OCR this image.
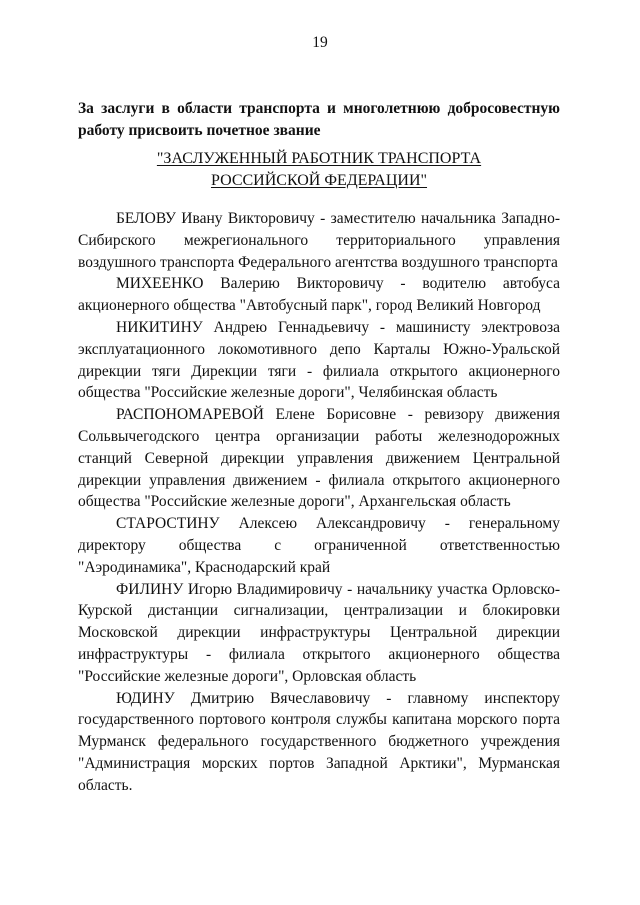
19

За заслуги в области транспорта и многолетнюю добросовестную работу присвоить почетное звание

"ЗАСЛУЖЕННЫЙ РАБОТНИК ТРАНСПОРТА
РОССИЙСКОЙ ФЕДЕРАЦИИ"

БЕЛОВУ Ивану Викторовичу - заместителю начальника Западно-Сибирского межрегионального территориального управления воздушного транспорта Федерального агентства воздушного транспорта

МИХЕЕНКО Валерию Викторовичу - водителю автобуса акционерного общества "Автобусный парк", город Великий Новгород

НИКИТИНУ Андрею Геннадьевичу - машинисту электровоза эксплуатационного локомотивного депо Карталы Южно-Уральской дирекции тяги Дирекции тяги - филиала открытого акционерного общества "Российские железные дороги", Челябинская область

РАСПОНОМАРЕВОЙ Елене Борисовне - ревизору движения Сольвычегодского центра организации работы железнодорожных станций Северной дирекции управления движением Центральной дирекции управления движением - филиала открытого акционерного общества "Российские железные дороги", Архангельская область

СТАРОСТИНУ Алексею Александровичу - генеральному директору общества с ограниченной ответственностью "Аэродинамика", Краснодарский край

ФИЛИНУ Игорю Владимировичу - начальнику участка Орловско-Курской дистанции сигнализации, централизации и блокировки Московской дирекции инфраструктуры Центральной дирекции инфраструктуры - филиала открытого акционерного общества "Российские железные дороги", Орловская область

ЮДИНУ Дмитрию Вячеславовичу - главному инспектору государственного портового контроля службы капитана морского порта Мурманск федерального государственного бюджетного учреждения "Администрация морских портов Западной Арктики", Мурманская область.
